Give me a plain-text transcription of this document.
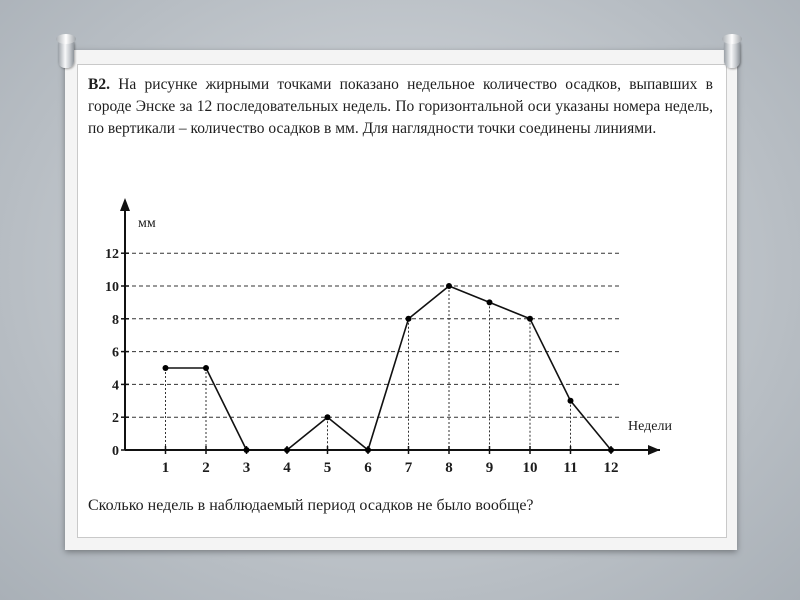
B2. На рисунке жирными точками показано недельное количество осадков, выпавших в городе Энске за 12 последовательных недель. По горизонтальной оси указаны номера недель, по вертикали – количество осадков в мм. Для наглядности точки соединены линиями.
1 2 3 4 5 6 7 8 9 10 11 12
0
2
4
6
8
10
12
мм
Недели
Сколько недель в наблюдаемый период осадков не было вообще?
